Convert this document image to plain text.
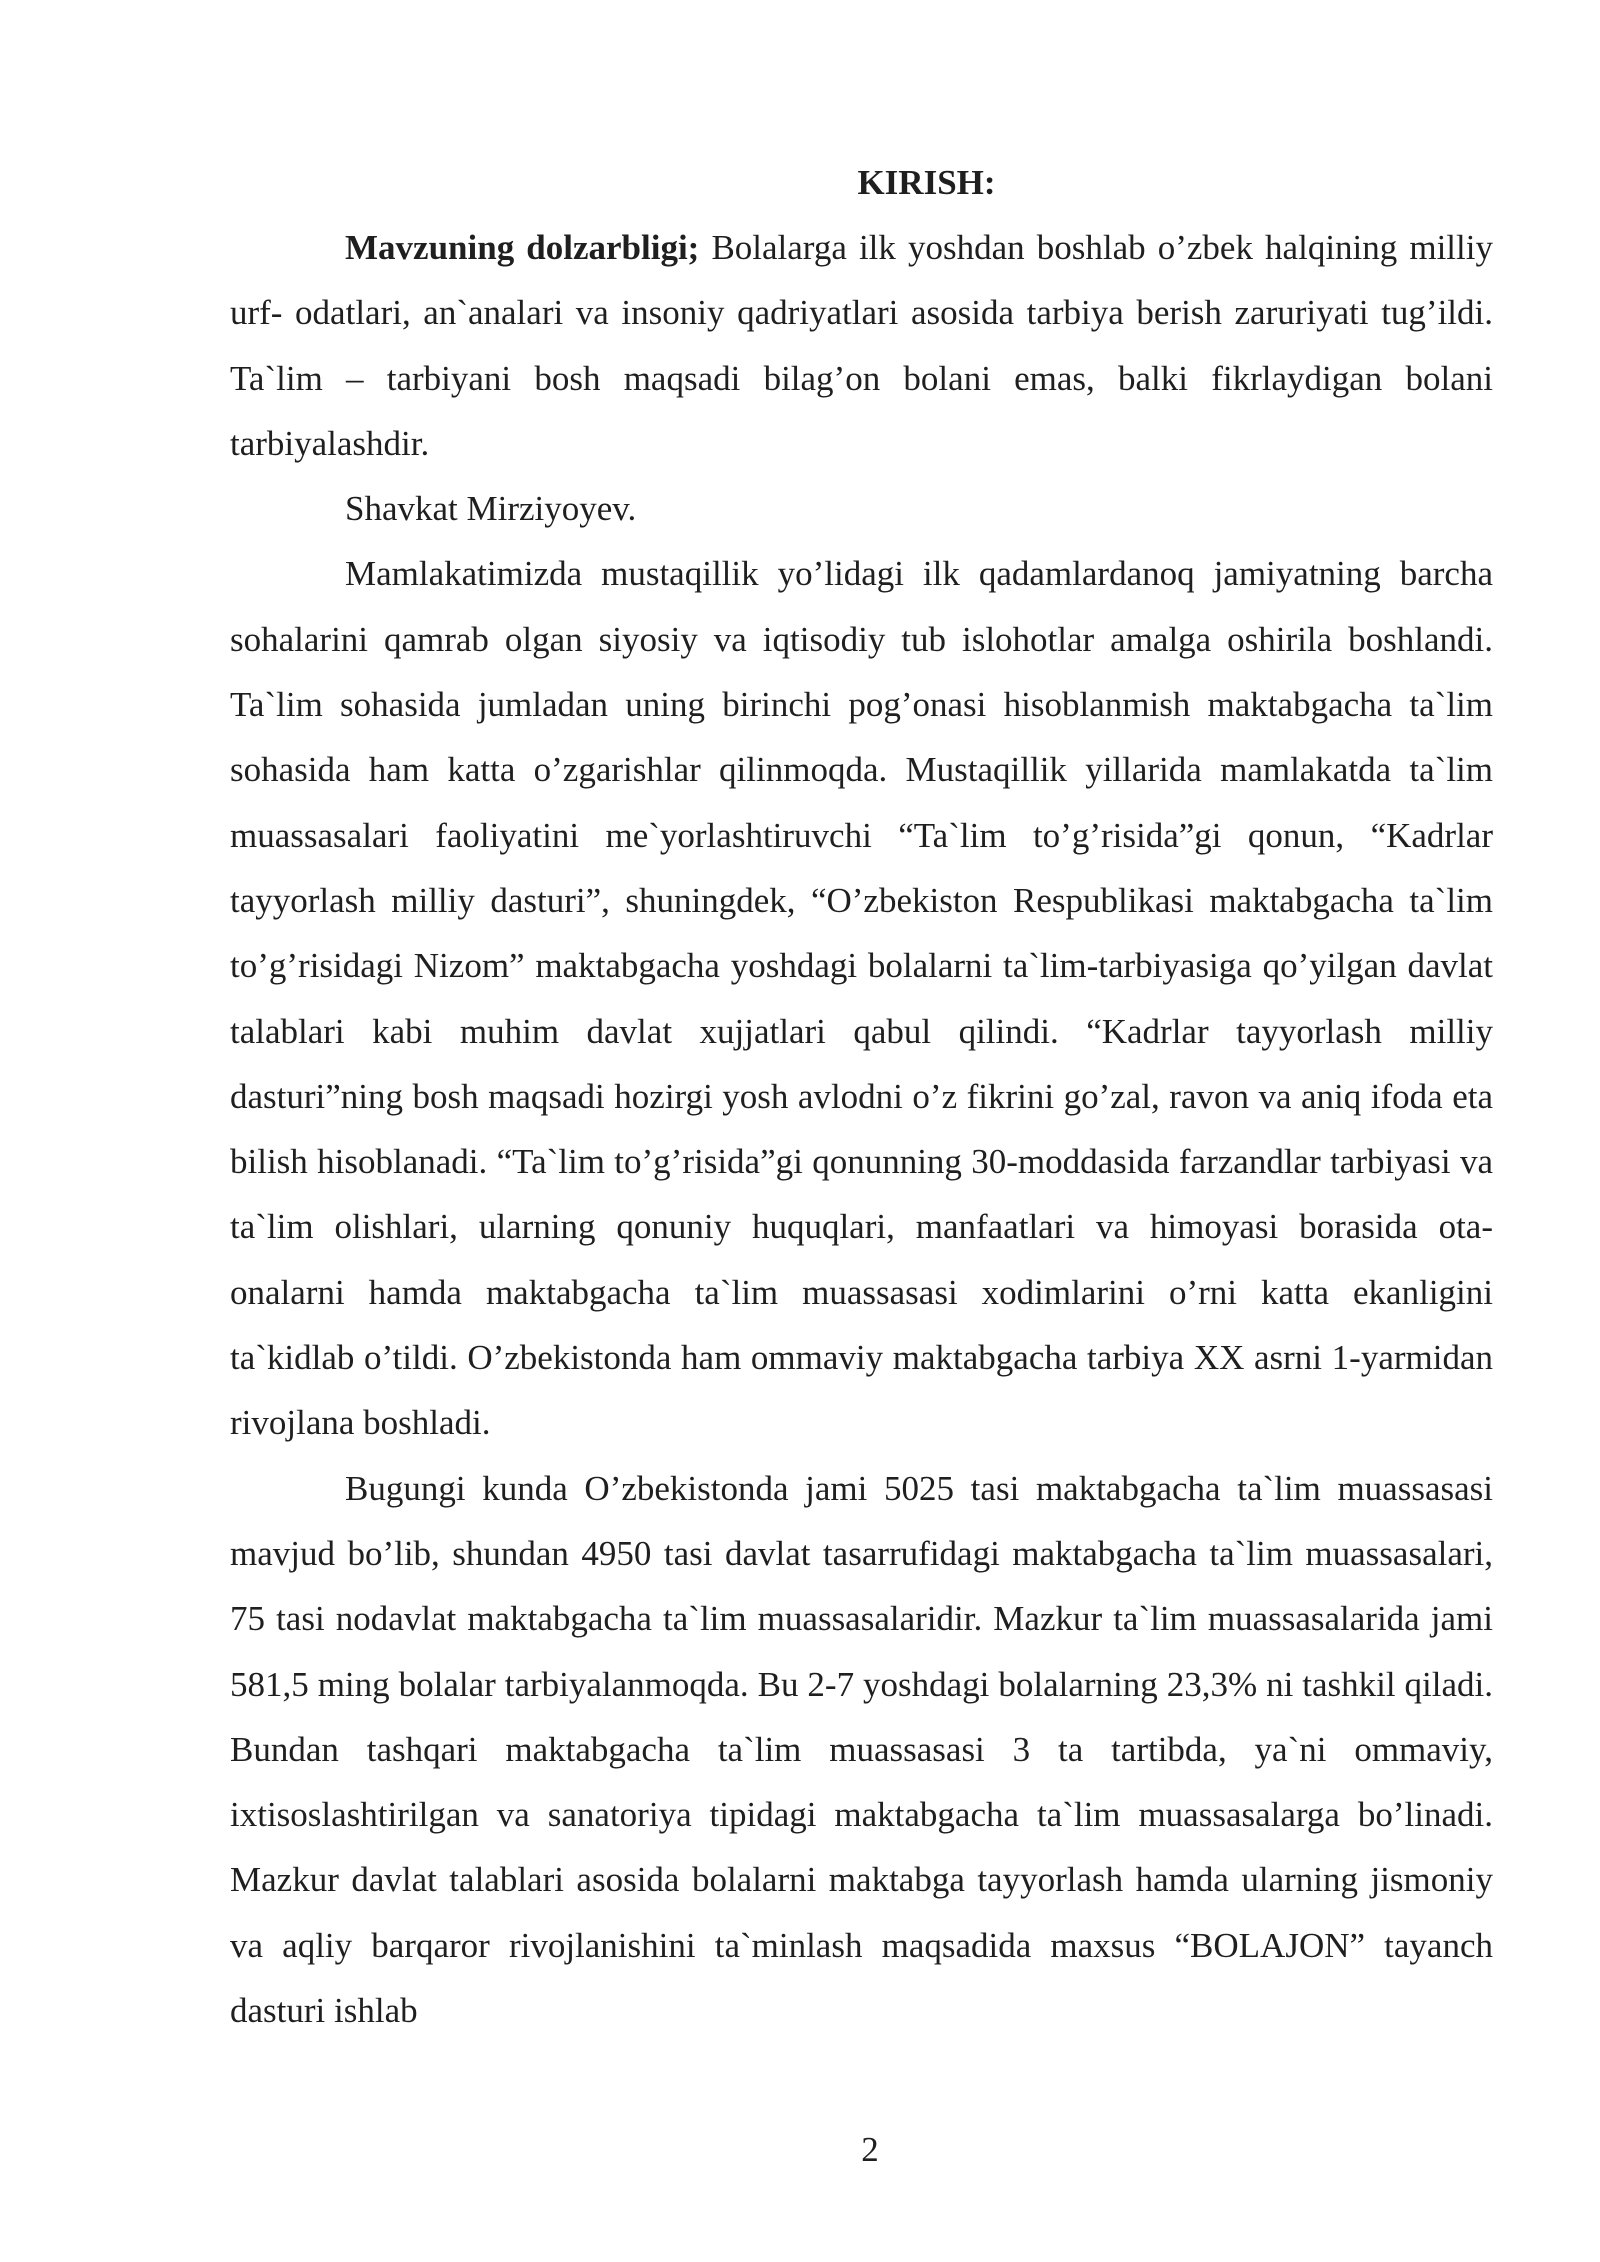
KIRISH:

Mavzuning dolzarbligi; Bolalarga ilk yoshdan boshlab o’zbek halqining milliy urf- odatlari, an`analari va insoniy qadriyatlari asosida tarbiya berish zaruriyati tug’ildi. Ta`lim – tarbiyani bosh maqsadi bilag’on bolani emas, balki fikrlaydigan bolani tarbiyalashdir.

Shavkat Mirziyoyev.

Mamlakatimizda mustaqillik yo’lidagi ilk qadamlardanoq jamiyatning barcha sohalarini qamrab olgan siyosiy va iqtisodiy tub islohotlar amalga oshirila boshlandi. Ta`lim sohasida jumladan uning birinchi pog’onasi hisoblanmish maktabgacha ta`lim sohasida ham katta o’zgarishlar qilinmoqda. Mustaqillik yillarida mamlakatda ta`lim muassasalari faoliyatini me`yorlashtiruvchi “Ta`lim to’g’risida”gi qonun, “Kadrlar tayyorlash milliy dasturi”, shuningdek, “O’zbekiston Respublikasi maktabgacha ta`lim to’g’risidagi Nizom” maktabgacha yoshdagi bolalarni ta`lim-tarbiyasiga qo’yilgan davlat talablari kabi muhim davlat xujjatlari qabul qilindi. “Kadrlar tayyorlash milliy dasturi”ning bosh maqsadi hozirgi yosh avlodni o’z fikrini go’zal, ravon va aniq ifoda eta bilish hisoblanadi. “Ta`lim to’g’risida”gi qonunning 30-moddasida farzandlar tarbiyasi va ta`lim olishlari, ularning qonuniy huquqlari, manfaatlari va himoyasi borasida ota-onalarni hamda maktabgacha ta`lim muassasasi xodimlarini o’rni katta ekanligini ta`kidlab o’tildi. O’zbekistonda ham ommaviy maktabgacha tarbiya XX asrni 1-yarmidan rivojlana boshladi.

Bugungi kunda O’zbekistonda jami 5025 tasi maktabgacha ta`lim muassasasi mavjud bo’lib, shundan 4950 tasi davlat tasarrufidagi maktabgacha ta`lim muassasalari, 75 tasi nodavlat maktabgacha ta`lim muassasalaridir. Mazkur ta`lim muassasalarida jami 581,5 ming bolalar tarbiyalanmoqda. Bu 2-7 yoshdagi bolalarning 23,3% ni tashkil qiladi. Bundan tashqari maktabgacha ta`lim muassasasi 3 ta tartibda, ya`ni ommaviy, ixtisoslashtirilgan va sanatoriya tipidagi maktabgacha ta`lim muassasalarga bo’linadi. Mazkur davlat talablari asosida bolalarni maktabga tayyorlash hamda ularning jismoniy va aqliy barqaror rivojlanishini ta`minlash maqsadida maxsus “BOLAJON” tayanch dasturi ishlab

2
